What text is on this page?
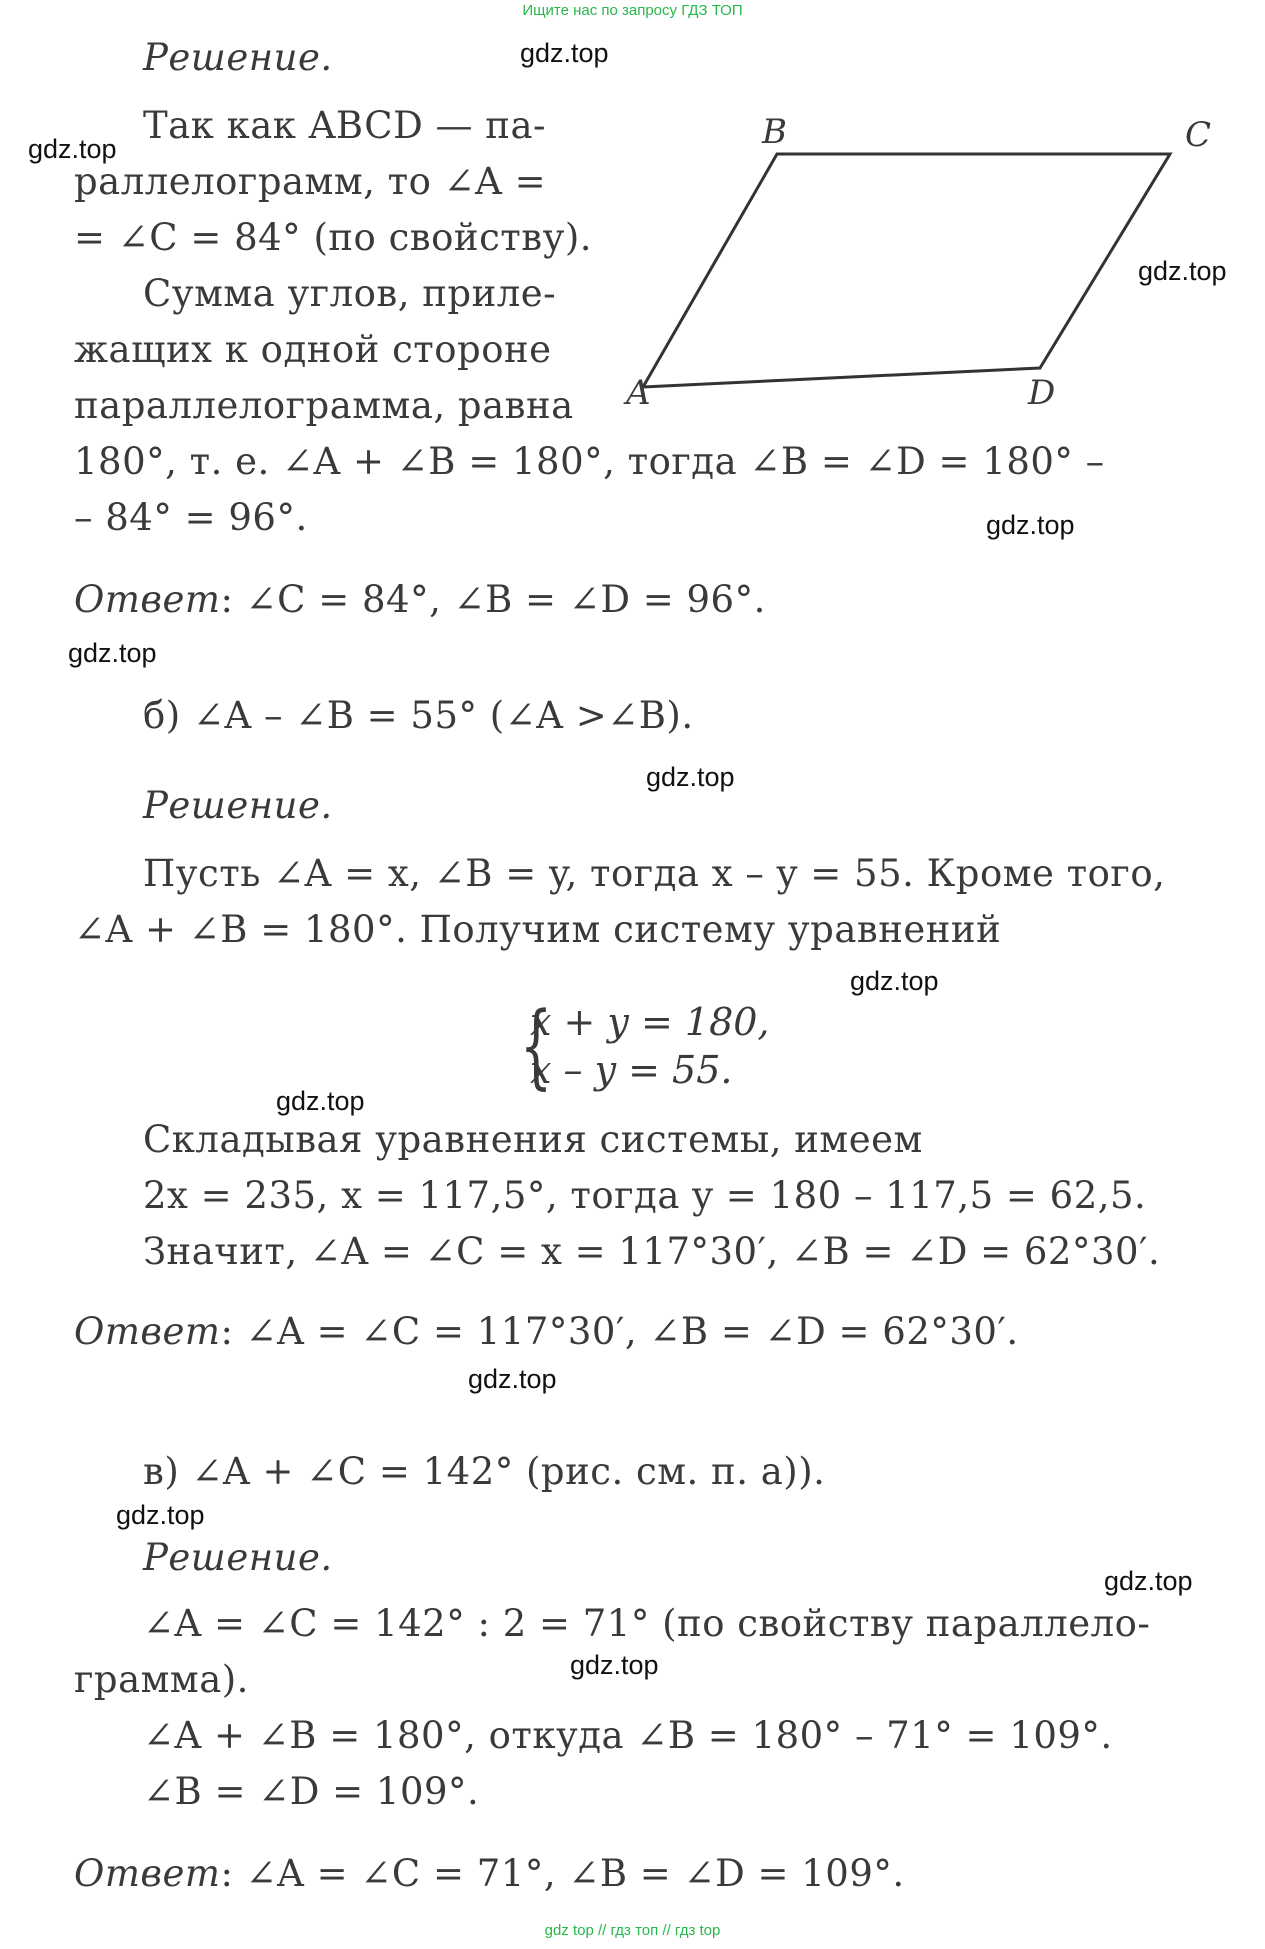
Ищите нас по запросу ГДЗ ТОП
B	C
A	D
Решение.
Так как ABCD — па-
раллелограмм, то ∠A =
= ∠C = 84° (по свойству).
Сумма углов, приле-
жащих к одной стороне
параллелограмма, равна
180°, т. е. ∠A + ∠B = 180°, тогда ∠B = ∠D = 180° –
– 84° = 96°.
Ответ: ∠C = 84°, ∠B = ∠D = 96°.
б) ∠A – ∠B = 55° (∠A >∠B).
Решение.
Пусть ∠A = x, ∠B = y, тогда x – y = 55. Кроме того,
∠A + ∠B = 180°. Получим систему уравнений
{
x + y = 180,
x – y = 55.
Складывая уравнения системы, имеем
2x = 235, x = 117,5°, тогда y = 180 – 117,5 = 62,5.
Значит, ∠A = ∠C = x = 117°30′, ∠B = ∠D = 62°30′.
Ответ: ∠A = ∠C = 117°30′, ∠B = ∠D = 62°30′.
в) ∠A + ∠C = 142° (рис. см. п. а)).
Решение.
∠A = ∠C = 142° : 2 = 71° (по свойству параллело-
грамма).
∠A + ∠B = 180°, откуда ∠B = 180° – 71° = 109°.
∠B = ∠D = 109°.
Ответ: ∠A = ∠C = 71°, ∠B = ∠D = 109°.
gdz.top
gdz.top
gdz.top
gdz.top
gdz.top
gdz.top
gdz.top
gdz.top
gdz.top
gdz.top
gdz.top
gdz.top
gdz top // гдз топ // гдз top
